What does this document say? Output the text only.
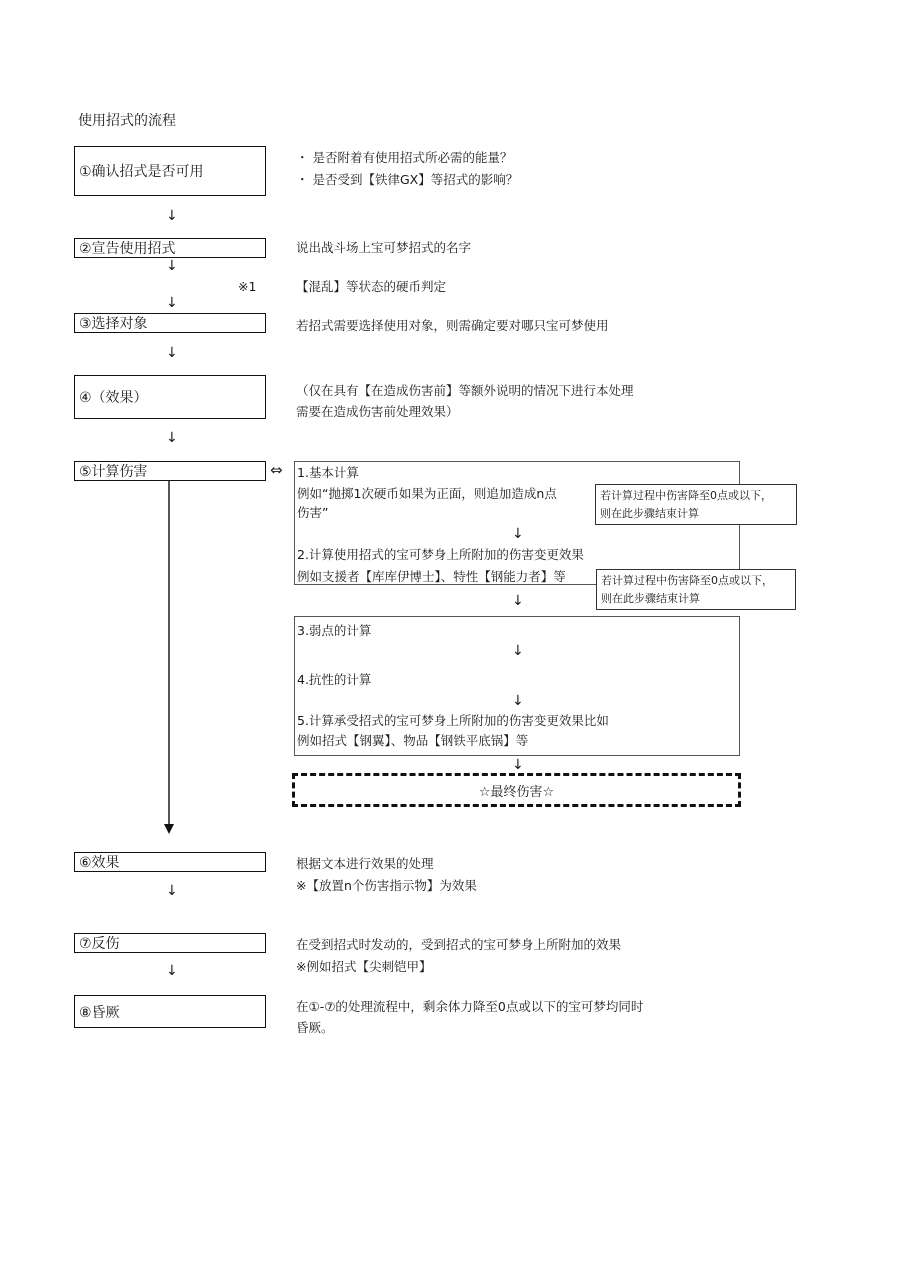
使用招式的流程
①确认招式是否可用
・ 是否附着有使用招式所必需的能量？
・ 是否受到【铁律GX】等招式的影响？
↓
②宣告使用招式	说出战斗场上宝可梦招式的名字
↓
※1	【混乱】等状态的硬币判定
↓
③选择对象	若招式需要选择使用对象，则需确定要对哪只宝可梦使用
↓
④（效果）	（仅在具有【在造成伤害前】等额外说明的情况下进行本处理
需要在造成伤害前处理效果）
↓
⑤计算伤害	⇔ 1.基本计算
例如“抛掷1次硬币如果为正面，则追加造成n点
伤害”
↓
若计算过程中伤害降至0点或以下，
则在此步骤结束计算
2.计算使用招式的宝可梦身上所附加的伤害变更效果
例如支援者【库库伊博士】、特性【钢能力者】等	若计算过程中伤害降至0点或以下，
则在此步骤结束计算
↓
3.弱点的计算
↓
4.抗性的计算
↓
5.计算承受招式的宝可梦身上所附加的伤害变更效果比如
例如招式【钢翼】、物品【钢铁平底锅】等
↓
☆最终伤害☆
⑥效果	根据文本进行效果的处理
※【放置n个伤害指示物】为效果
↓
⑦反伤	在受到招式时发动的，受到招式的宝可梦身上所附加的效果
※例如招式【尖刺铠甲】
↓
⑧昏厥	在①-⑦的处理流程中，剩余体力降至0点或以下的宝可梦均同时
昏厥。
